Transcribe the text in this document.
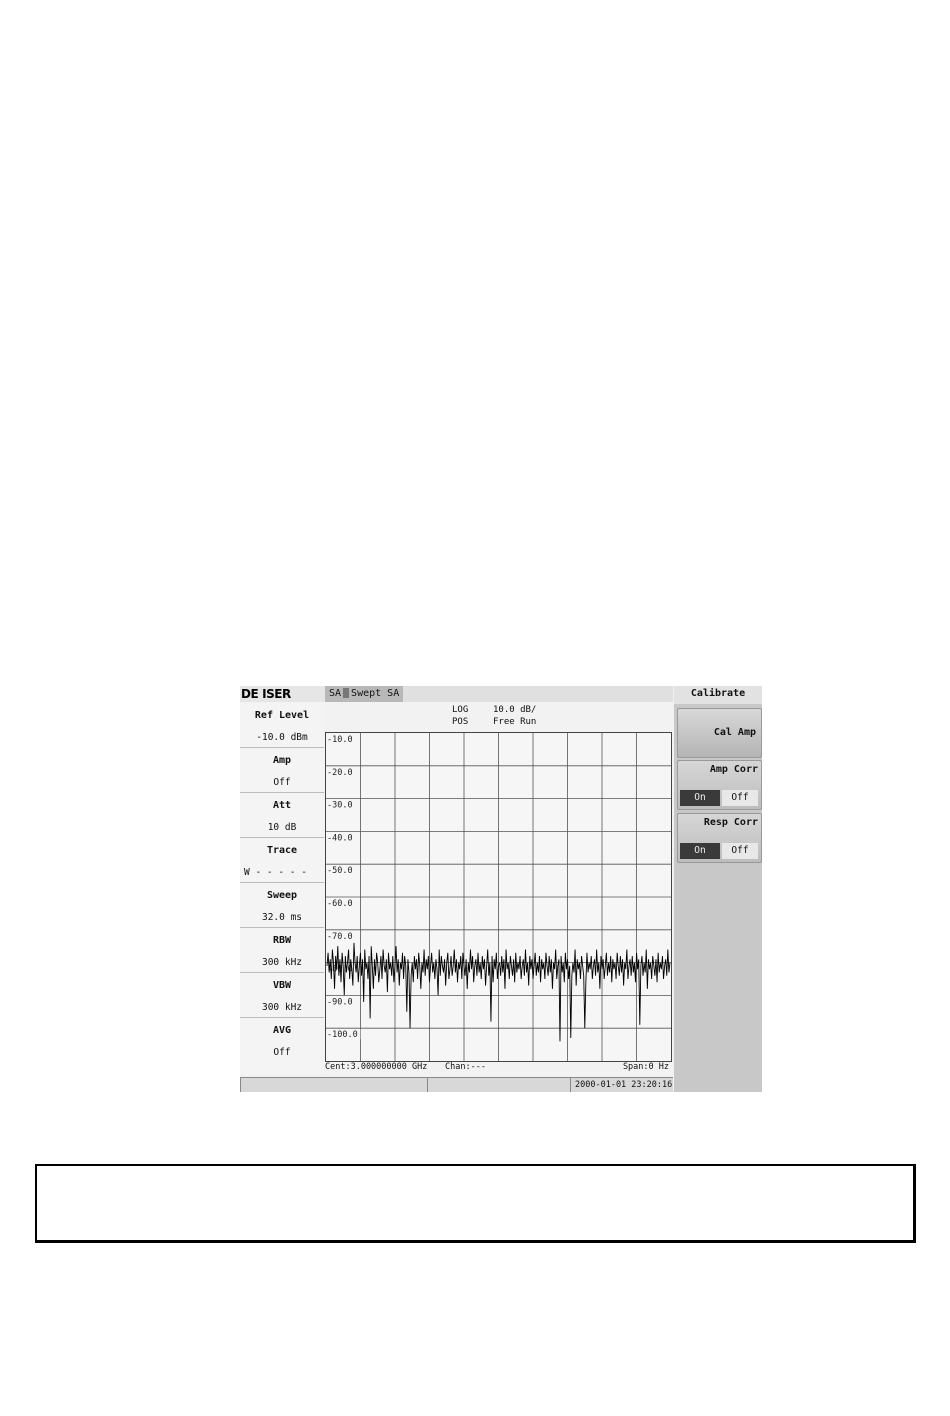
DE ISER	SA Swept SA
LOG
POS
10.0 dB/
Free Run
Ref Level
-10.0 dBm
Amp
Off
Att
10 dB
Trace
W - - - - -
Sweep
32.0 ms
RBW
300 kHz
VBW
300 kHz
AVG
Off
-10.0
-20.0
-30.0
-40.0
-50.0
-60.0
-70.0
-80.0
-90.0
-100.0
Cent:3.000000000 GHz Chan:---	Span:0 Hz
2000-01-01 23:20:16
Calibrate
Cal Amp
Amp Corr
On	Off
Resp Corr
On	Off
